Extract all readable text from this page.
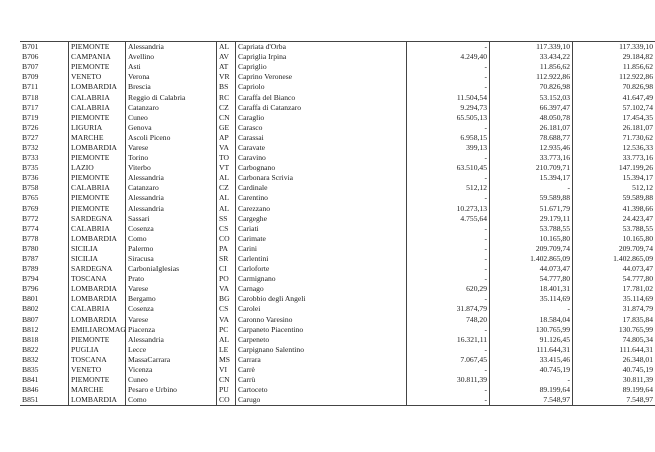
B701	PIEMONTE	Alessandria	AL	Capriata d'Orba	-	117.339,10	117.339,10
B706	CAMPANIA	Avellino	AV	Capriglia Irpina	4.249,40	33.434,22	29.184,82
B707	PIEMONTE	Asti	AT	Capriglio	-	11.856,62	11.856,62
B709	VENETO	Verona	VR	Caprino Veronese	-	112.922,86	112.922,86
B711	LOMBARDIA	Brescia	BS	Capriolo	-	70.826,98	70.826,98
B718	CALABRIA	Reggio di Calabria	RC	Caraffa del Bianco	11.504,54	53.152,03	41.647,49
B717	CALABRIA	Catanzaro	CZ	Caraffa di Catanzaro	9.294,73	66.397,47	57.102,74
B719	PIEMONTE	Cuneo	CN	Caraglio	65.505,13	48.050,78	17.454,35
B726	LIGURIA	Genova	GE	Carasco	-	26.181,07	26.181,07
B727	MARCHE	Ascoli Piceno	AP	Carassai	6.958,15	78.688,77	71.730,62
B732	LOMBARDIA	Varese	VA	Caravate	399,13	12.935,46	12.536,33
B733	PIEMONTE	Torino	TO	Caravino	-	33.773,16	33.773,16
B735	LAZIO	Viterbo	VT	Carbognano	63.510,45	210.709,71	147.199,26
B736	PIEMONTE	Alessandria	AL	Carbonara Scrivia	-	15.394,17	15.394,17
B758	CALABRIA	Catanzaro	CZ	Cardinale	512,12	-	512,12
B765	PIEMONTE	Alessandria	AL	Carentino	-	59.589,88	59.589,88
B769	PIEMONTE	Alessandria	AL	Carezzano	10.273,13	51.671,79	41.398,66
B772	SARDEGNA	Sassari	SS	Cargeghe	4.755,64	29.179,11	24.423,47
B774	CALABRIA	Cosenza	CS	Cariati	-	53.788,55	53.788,55
B778	LOMBARDIA	Como	CO	Carimate	-	10.165,80	10.165,80
B780	SICILIA	Palermo	PA	Carini	-	209.709,74	209.709,74
B787	SICILIA	Siracusa	SR	Carlentini	-	1.402.865,09	1.402.865,09
B789	SARDEGNA	CarboniaIglesias	CI	Carloforte	-	44.073,47	44.073,47
B794	TOSCANA	Prato	PO	Carmignano	-	54.777,80	54.777,80
B796	LOMBARDIA	Varese	VA	Carnago	620,29	18.401,31	17.781,02
B801	LOMBARDIA	Bergamo	BG	Carobbio degli Angeli	-	35.114,69	35.114,69
B802	CALABRIA	Cosenza	CS	Carolei	31.874,79	-	31.874,79
B807	LOMBARDIA	Varese	VA	Caronno Varesino	748,20	18.584,04	17.835,84
B812	EMILIAROMAG	Piacenza	PC	Carpaneto Piacentino	-	130.765,99	130.765,99
B818	PIEMONTE	Alessandria	AL	Carpeneto	16.321,11	91.126,45	74.805,34
B822	PUGLIA	Lecce	LE	Carpignano Salentino	-	111.644,31	111.644,31
B832	TOSCANA	MassaCarrara	MS	Carrara	7.067,45	33.415,46	26.348,01
B835	VENETO	Vicenza	VI	Carrè	-	40.745,19	40.745,19
B841	PIEMONTE	Cuneo	CN	Carrù	30.811,39	-	30.811,39
B846	MARCHE	Pesaro e Urbino	PU	Cartoceto	-	89.199,64	89.199,64
B851	LOMBARDIA	Como	CO	Carugo	-	7.548,97	7.548,97
